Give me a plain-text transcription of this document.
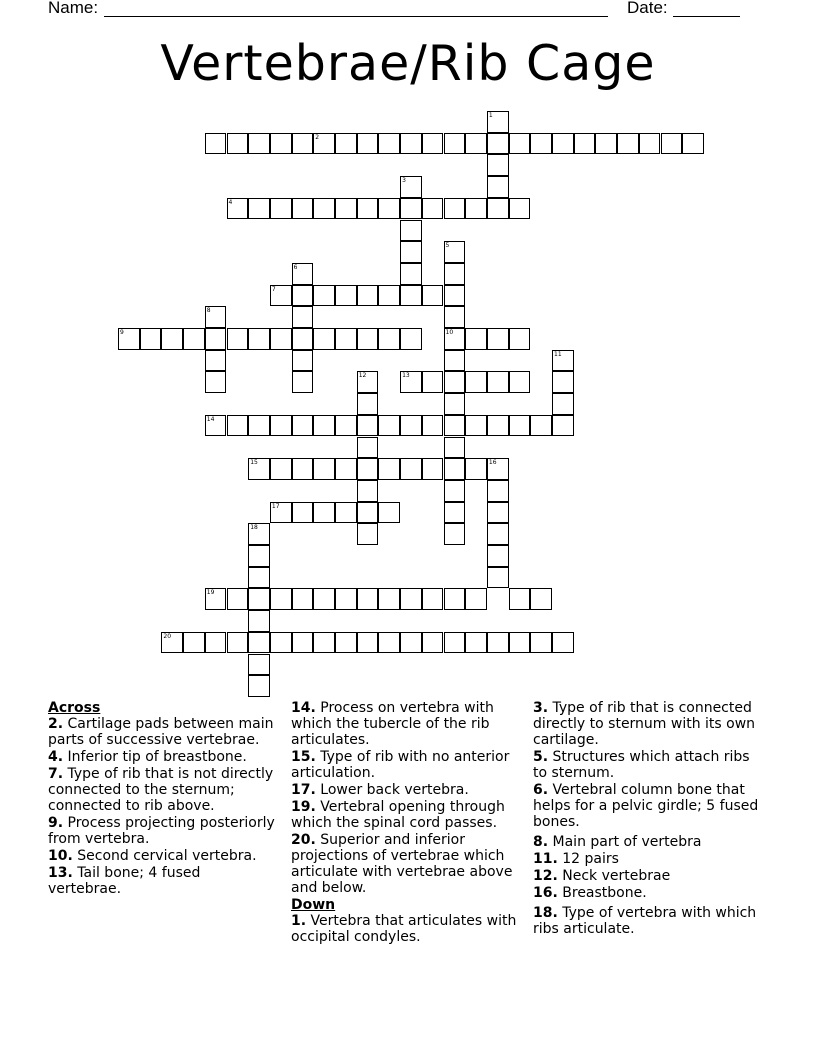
Name:	Date:
Vertebrae/Rib Cage
1
2
3
4
5
10
6
7
8
9
11
12	13
14
15	16
17
18
19
20
Across
2. Cartilage pads between main parts of successive vertebrae.
4. Inferior tip of breastbone.
7. Type of rib that is not directly connected to the sternum; connected to rib above.
9. Process projecting posteriorly from vertebra.
10. Second cervical vertebra.
13. Tail bone; 4 fused vertebrae.
14. Process on vertebra with which the tubercle of the rib articulates.
15. Type of rib with no anterior articulation.
17. Lower back vertebra.
19. Vertebral opening through which the spinal cord passes.
20. Superior and inferior projections of vertebrae which articulate with vertebrae above and below.
Down
1. Vertebra that articulates with occipital condyles.
3. Type of rib that is connected directly to sternum with its own cartilage.
5. Structures which attach ribs to sternum.
6. Vertebral column bone that helps for a pelvic girdle; 5 fused bones.
8. Main part of vertebra
11. 12 pairs
12. Neck vertebrae
16. Breastbone.
18. Type of vertebra with which ribs articulate.
